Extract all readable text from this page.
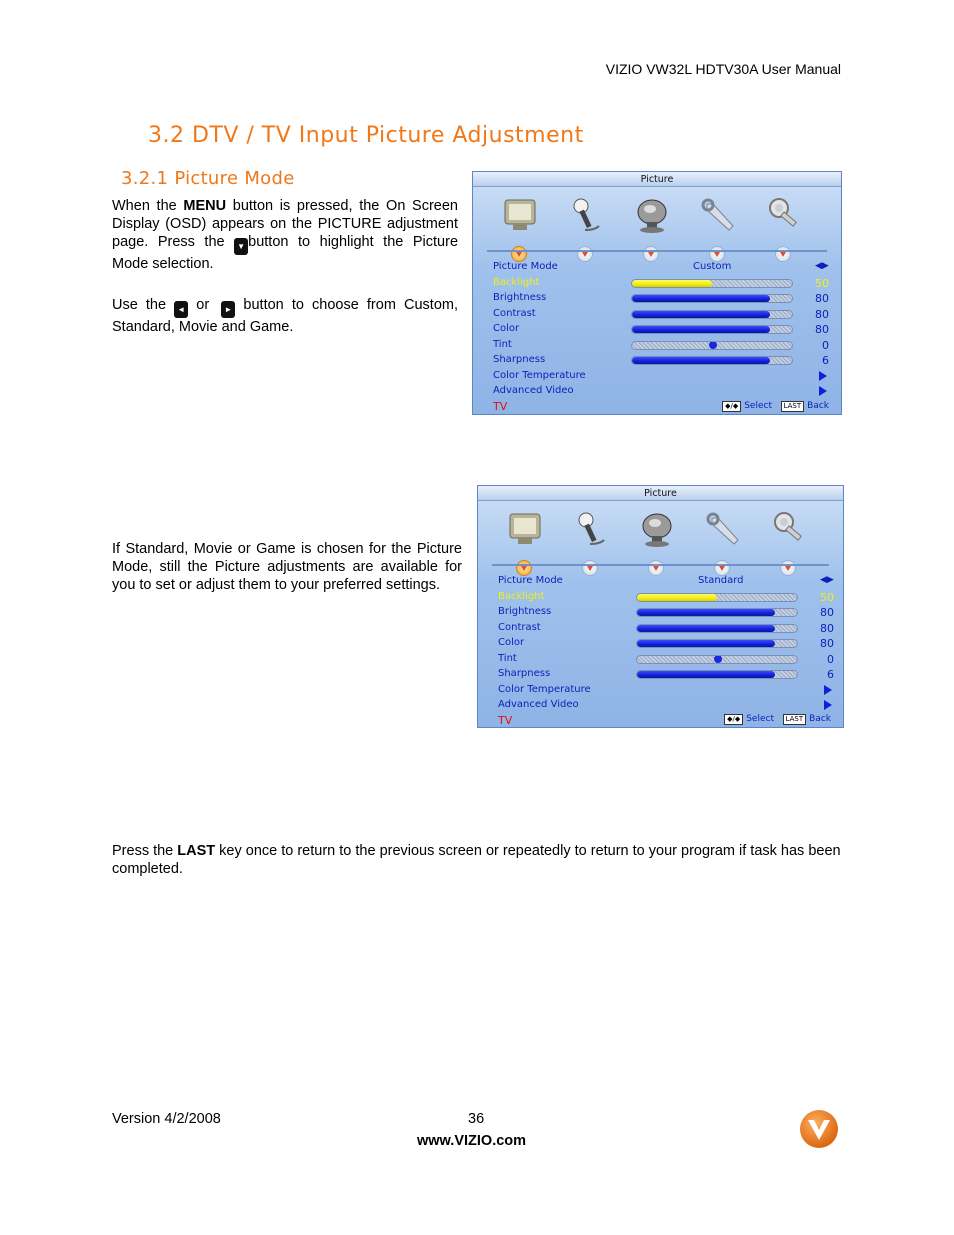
VIZIO VW32L HDTV30A User Manual
3.2 DTV / TV Input Picture Adjustment
3.2.1 Picture Mode
When the MENU button is pressed, the On Screen Display (OSD) appears on the PICTURE adjustment page. Press the ▼ button to highlight the Picture Mode selection.
Use the ◄ or ► button to choose from Custom, Standard, Movie and Game.
If Standard, Movie or Game is chosen for the Picture Mode, still the Picture adjustments are available for you to set or adjust them to your preferred settings.
Press the LAST key once to return to the previous screen or repeatedly to return to your program if task has been completed.
Picture
Picture Mode	Custom	◀▶
Backlight	50
Brightness	80
Contrast	80
Color	80
Tint	0
Sharpness	6
Color Temperature
Advanced Video
TV	◆/◆ Select LAST Back
Picture
Picture Mode	Standard	◀▶
Backlight	50
Brightness	80
Contrast	80
Color	80
Tint	0
Sharpness	6
Color Temperature
Advanced Video
TV	◆/◆ Select LAST Back
Version 4/2/2008	36
www.VIZIO.com
